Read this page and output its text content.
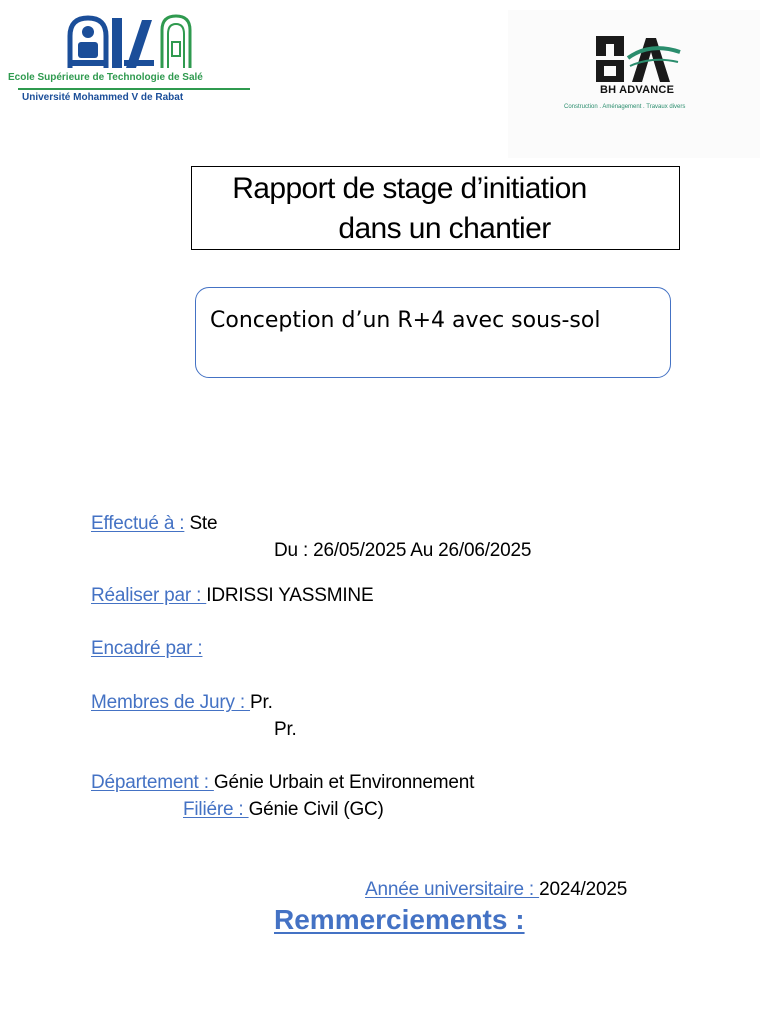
Ecole Supérieure de Technologie de Salé
Université Mohammed V de Rabat
BH ADVANCE
Construction . Aménagement . Travaux divers
Rapport de stage d’initiation
dans un chantier
Conception d’un R+4 avec sous-sol
Effectué à : Ste
Du : 26/05/2025 Au 26/06/2025
Réaliser par : IDRISSI YASSMINE
Encadré par :
Membres de Jury : Pr.
Pr.
Département : Génie Urbain et Environnement
Filiére : Génie Civil (GC)
Année universitaire : 2024/2025
Remmerciements :
